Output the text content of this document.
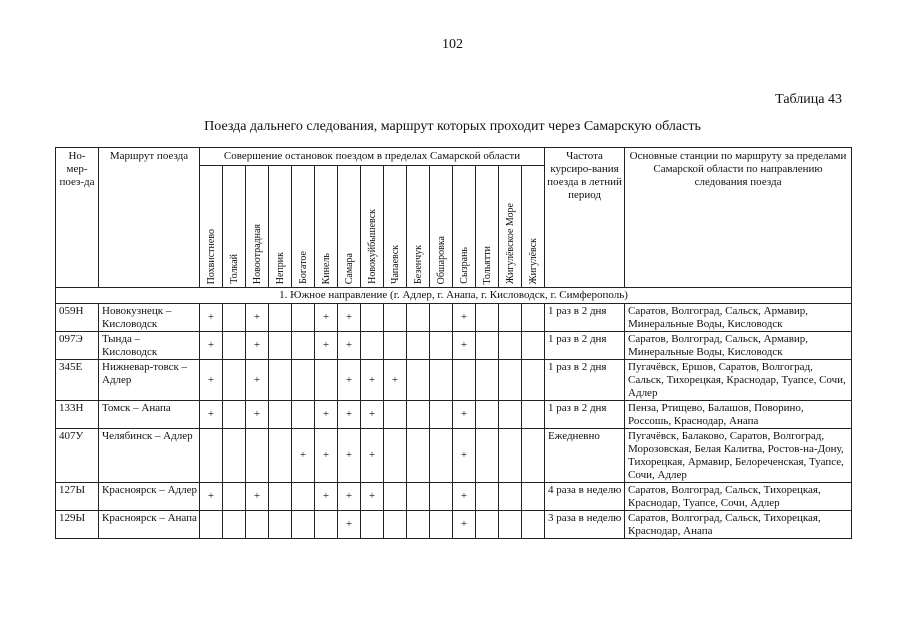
102
Таблица 43
Поезда дальнего следования, маршрут которых проходит через Самарскую область
Но-мер-поез-да	Маршрут поезда	Совершение остановок поездом в пределах Самарской области															Частота курсиро-вания поезда в летний период	Основные станции по маршруту за пределами Самарской области по направлению следования поезда

		Похвистнево	Толкай	Новоотрадная	Неприк	Богатое	Кинель	Самара	Новокуйбышевск	Чапаевск	Безенчук	Обшаровка	Сызрань	Тольятти	Жигулёвское Море	Жигулёвск		

1. Южное направление (г. Адлер, г. Анапа, г. Кисловодск, г. Симферополь)																		
059Н	Новокузнецк – Кисловодск	+		+			+	+					+				1 раз в 2 дня	Саратов, Волгоград, Сальск, Армавир, Минеральные Воды, Кисловодск
097Э	Тында – Кисловодск	+		+			+	+					+				1 раз в 2 дня	Саратов, Волгоград, Сальск, Армавир, Минеральные Воды, Кисловодск
345Е	Нижневар-товск – Адлер	+		+				+	+	+							1 раз в 2 дня	Пугачёвск, Ершов, Саратов, Волгоград, Сальск, Тихорецкая, Краснодар, Туапсе, Сочи, Адлер
133Н	Томск – Анапа	+		+			+	+	+				+				1 раз в 2 дня	Пенза, Ртищево, Балашов, Поворино, Россошь, Краснодар, Анапа
407У	Челябинск – Адлер					+	+	+	+				+				Ежедневно	Пугачёвск, Балаково, Саратов, Волгоград, Морозовская, Белая Калитва, Ростов-на-Дону, Тихорецкая, Армавир, Белореченская, Туапсе, Сочи, Адлер
127Ы	Красноярск – Адлер	+		+			+	+	+				+				4 раза в неделю	Саратов, Волгоград, Сальск, Тихорецкая, Краснодар, Туапсе, Сочи, Адлер
129Ы	Красноярск – Анапа							+					+				3 раза в неделю	Саратов, Волгоград, Сальск, Тихорецкая, Краснодар, Анапа
